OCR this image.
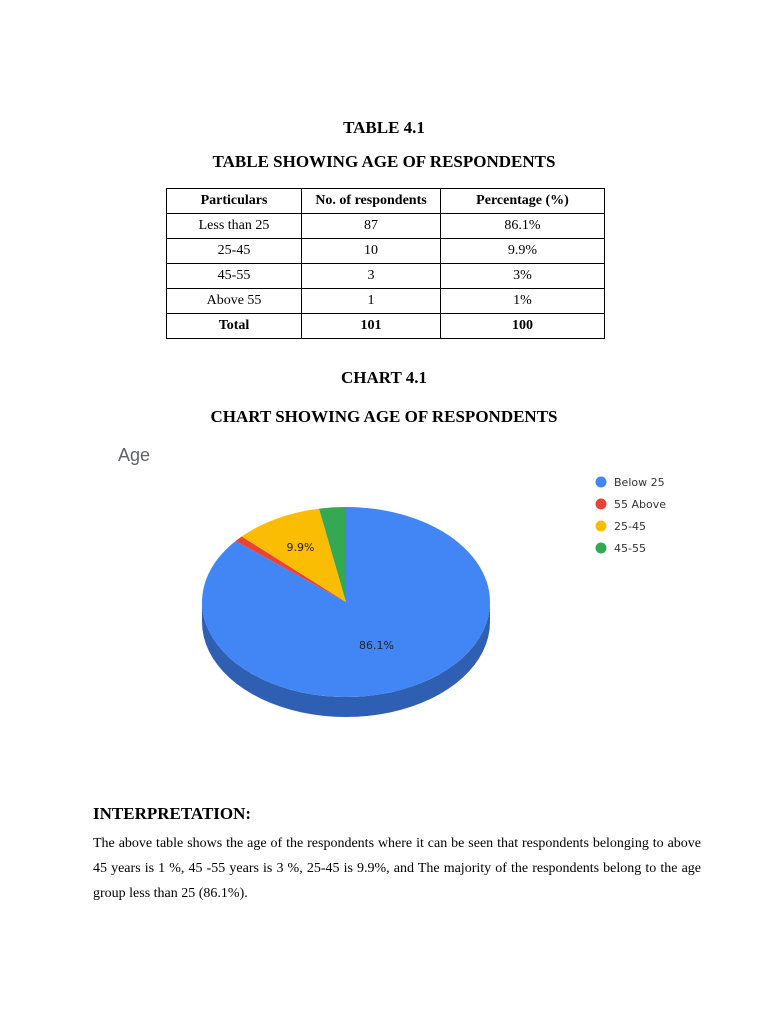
TABLE 4.1
TABLE SHOWING AGE OF RESPONDENTS
Particulars	No. of respondents	Percentage (%)
Less than 25	87	86.1%
25-45	10	9.9%
45-55	3	3%
Above 55	1	1%
Total	101	100
CHART 4.1
CHART SHOWING AGE OF RESPONDENTS
Age
86.1%
9.9%
Below 25
55 Above
25-45
45-55
INTERPRETATION:
The above table shows the age of the respondents where it can be seen that respondents belonging to above 45 years is 1 %, 45 -55 years is 3 %, 25-45 is 9.9%, and The majority of the respondents belong to the age group less than 25 (86.1%).
